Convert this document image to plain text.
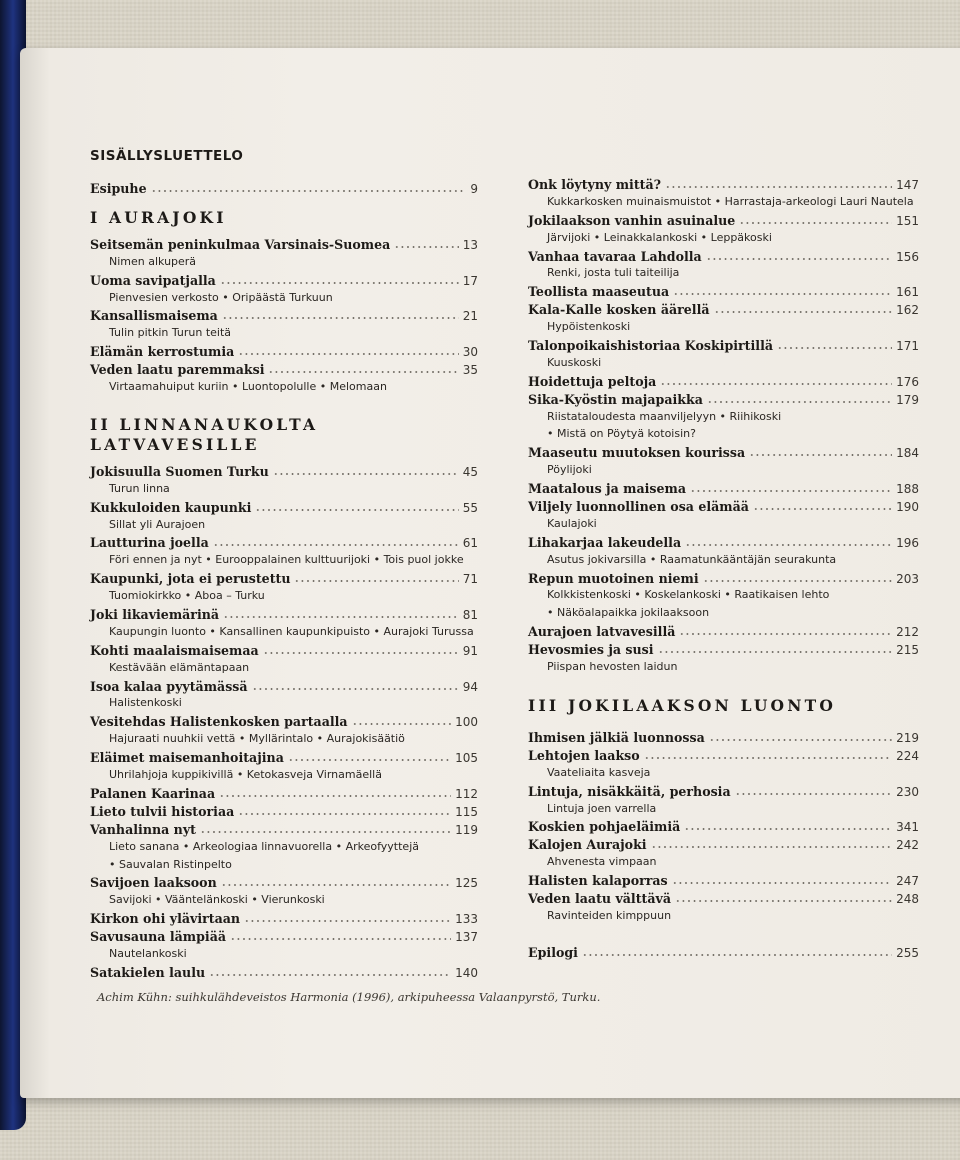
SISÄLLYSLUETTELO
Esipuhe	9
I AURAJOKI
Seitsemän peninkulmaa Varsinais-Suomea	13
Nimen alkuperä
Uoma savipatjalla	17
Pienvesien verkosto • Oripäästä Turkuun
Kansallismaisema	21
Tulin pitkin Turun teitä
Elämän kerrostumia	30
Veden laatu paremmaksi	35
Virtaamahuiput kuriin • Luontopolulle • Melomaan
II LINNANAUKOLTA LATVAVESILLE
Jokisuulla Suomen Turku	45
Turun linna
Kukkuloiden kaupunki	55
Sillat yli Aurajoen
Lautturina joella	61
Föri ennen ja nyt • Eurooppalainen kulttuurijoki • Tois puol jokke
Kaupunki, jota ei perustettu	71
Tuomiokirkko • Aboa – Turku
Joki likaviemärinä	81
Kaupungin luonto • Kansallinen kaupunkipuisto • Aurajoki Turussa
Kohti maalaismaisemaa	91
Kestävään elämäntapaan
Isoa kalaa pyytämässä	94
Halistenkoski
Vesitehdas Halistenkosken partaalla	100
Hajuraati nuuhkii vettä • Myllärintalo • Aurajokisäätiö
Eläimet maisemanhoitajina	105
Uhrilahjoja kuppikivillä • Ketokasveja Virnamäellä
Palanen Kaarinaa	112
Lieto tulvii historiaa	115
Vanhalinna nyt	119
Lieto sanana • Arkeologiaa linnavuorella • Arkeofyyttejä
• Sauvalan Ristinpelto
Savijoen laaksoon	125
Savijoki • Vääntelänkoski • Vierunkoski
Kirkon ohi ylävirtaan	133
Savusauna lämpiää	137
Nautelankoski
Satakielen laulu	140
Onk löytyny mittä?	147
Kukkarkosken muinaismuistot • Harrastaja-arkeologi Lauri Nautela
Jokilaakson vanhin asuinalue	151
Järvijoki • Leinakkalankoski • Leppäkoski
Vanhaa tavaraa Lahdolla	156
Renki, josta tuli taiteilija
Teollista maaseutua	161
Kala-Kalle kosken äärellä	162
Hypöistenkoski
Talonpoikaishistoriaa Koskipirtillä	171
Kuuskoski
Hoidettuja peltoja	176
Sika-Kyöstin majapaikka	179
Riistataloudesta maanviljelyyn • Riihikoski
• Mistä on Pöytyä kotoisin?
Maaseutu muutoksen kourissa	184
Pöylijoki
Maatalous ja maisema	188
Viljely luonnollinen osa elämää	190
Kaulajoki
Lihakarjaa lakeudella	196
Asutus jokivarsilla • Raamatunkääntäjän seurakunta
Repun muotoinen niemi	203
Kolkkistenkoski • Koskelankoski • Raatikaisen lehto
• Näköalapaikka jokilaaksoon
Aurajoen latvavesillä	212
Hevosmies ja susi	215
Piispan hevosten laidun
III JOKILAAKSON LUONTO
Ihmisen jälkiä luonnossa	219
Lehtojen laakso	224
Vaateliaita kasveja
Lintuja, nisäkkäitä, perhosia	230
Lintuja joen varrella
Koskien pohjaeläimiä	341
Kalojen Aurajoki	242
Ahvenesta vimpaan
Halisten kalaporras	247
Veden laatu välttävä	248
Ravinteiden kimppuun
Epilogi	255
Achim Kühn: suihkulähdeveistos Harmonia (1996), arkipuheessa Valaanpyrstö, Turku.
